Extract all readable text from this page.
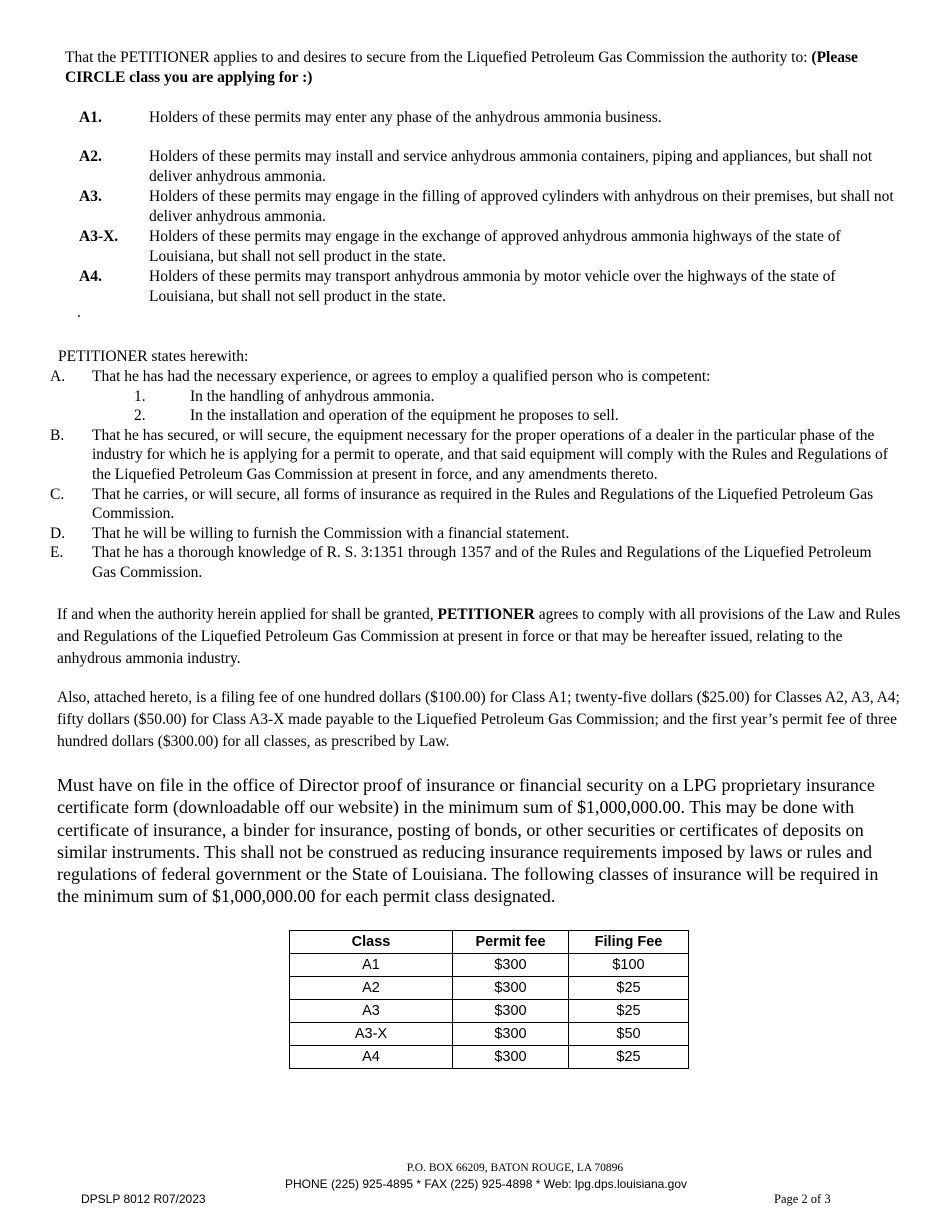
That the PETITIONER applies to and desires to secure from the Liquefied Petroleum Gas Commission the authority to: (Please CIRCLE class you are applying for :)
A1.	Holders of these permits may enter any phase of the anhydrous ammonia business.
A2.	Holders of these permits may install and service anhydrous ammonia containers, piping and appliances, but shall not deliver anhydrous ammonia.
A3.	Holders of these permits may engage in the filling of approved cylinders with anhydrous on their premises, but shall not deliver anhydrous ammonia.
A3-X.	Holders of these permits may engage in the exchange of approved anhydrous ammonia highways of the state of Louisiana, but shall not sell product in the state.
A4.	Holders of these permits may transport anhydrous ammonia by motor vehicle over the highways of the state of Louisiana, but shall not sell product in the state.
.
PETITIONER states herewith:
A.	That he has had the necessary experience, or agrees to employ a qualified person who is competent:
1.	In the handling of anhydrous ammonia.
2.	In the installation and operation of the equipment he proposes to sell.
B.	That he has secured, or will secure, the equipment necessary for the proper operations of a dealer in the particular phase of the industry for which he is applying for a permit to operate, and that said equipment will comply with the Rules and Regulations of the Liquefied Petroleum Gas Commission at present in force, and any amendments thereto.
C.	That he carries, or will secure, all forms of insurance as required in the Rules and Regulations of the Liquefied Petroleum Gas Commission.
D.	That he will be willing to furnish the Commission with a financial statement.
E.	That he has a thorough knowledge of R. S. 3:1351 through 1357 and of the Rules and Regulations of the Liquefied Petroleum Gas Commission.
If and when the authority herein applied for shall be granted, PETITIONER agrees to comply with all provisions of the Law and Rules and Regulations of the Liquefied Petroleum Gas Commission at present in force or that may be hereafter issued, relating to the anhydrous ammonia industry.
Also, attached hereto, is a filing fee of one hundred dollars ($100.00) for Class A1; twenty-five dollars ($25.00) for Classes A2, A3, A4; fifty dollars ($50.00) for Class A3-X made payable to the Liquefied Petroleum Gas Commission; and the first year’s permit fee of three hundred dollars ($300.00) for all classes, as prescribed by Law.
Must have on file in the office of Director proof of insurance or financial security on a LPG proprietary insurance certificate form (downloadable off our website) in the minimum sum of $1,000,000.00. This may be done with certificate of insurance, a binder for insurance, posting of bonds, or other securities or certificates of deposits on similar instruments. This shall not be construed as reducing insurance requirements imposed by laws or rules and regulations of federal government or the State of Louisiana. The following classes of insurance will be required in the minimum sum of $1,000,000.00 for each permit class designated.
Class	Permit fee	Filing Fee
A1	$300	$100
A2	$300	$25
A3	$300	$25
A3-X	$300	$50
A4	$300	$25
P.O. BOX 66209, BATON ROUGE, LA 70896
PHONE (225) 925-4895 * FAX (225) 925-4898 * Web: lpg.dps.louisiana.gov
DPSLP 8012 R07/2023	Page 2 of 3
